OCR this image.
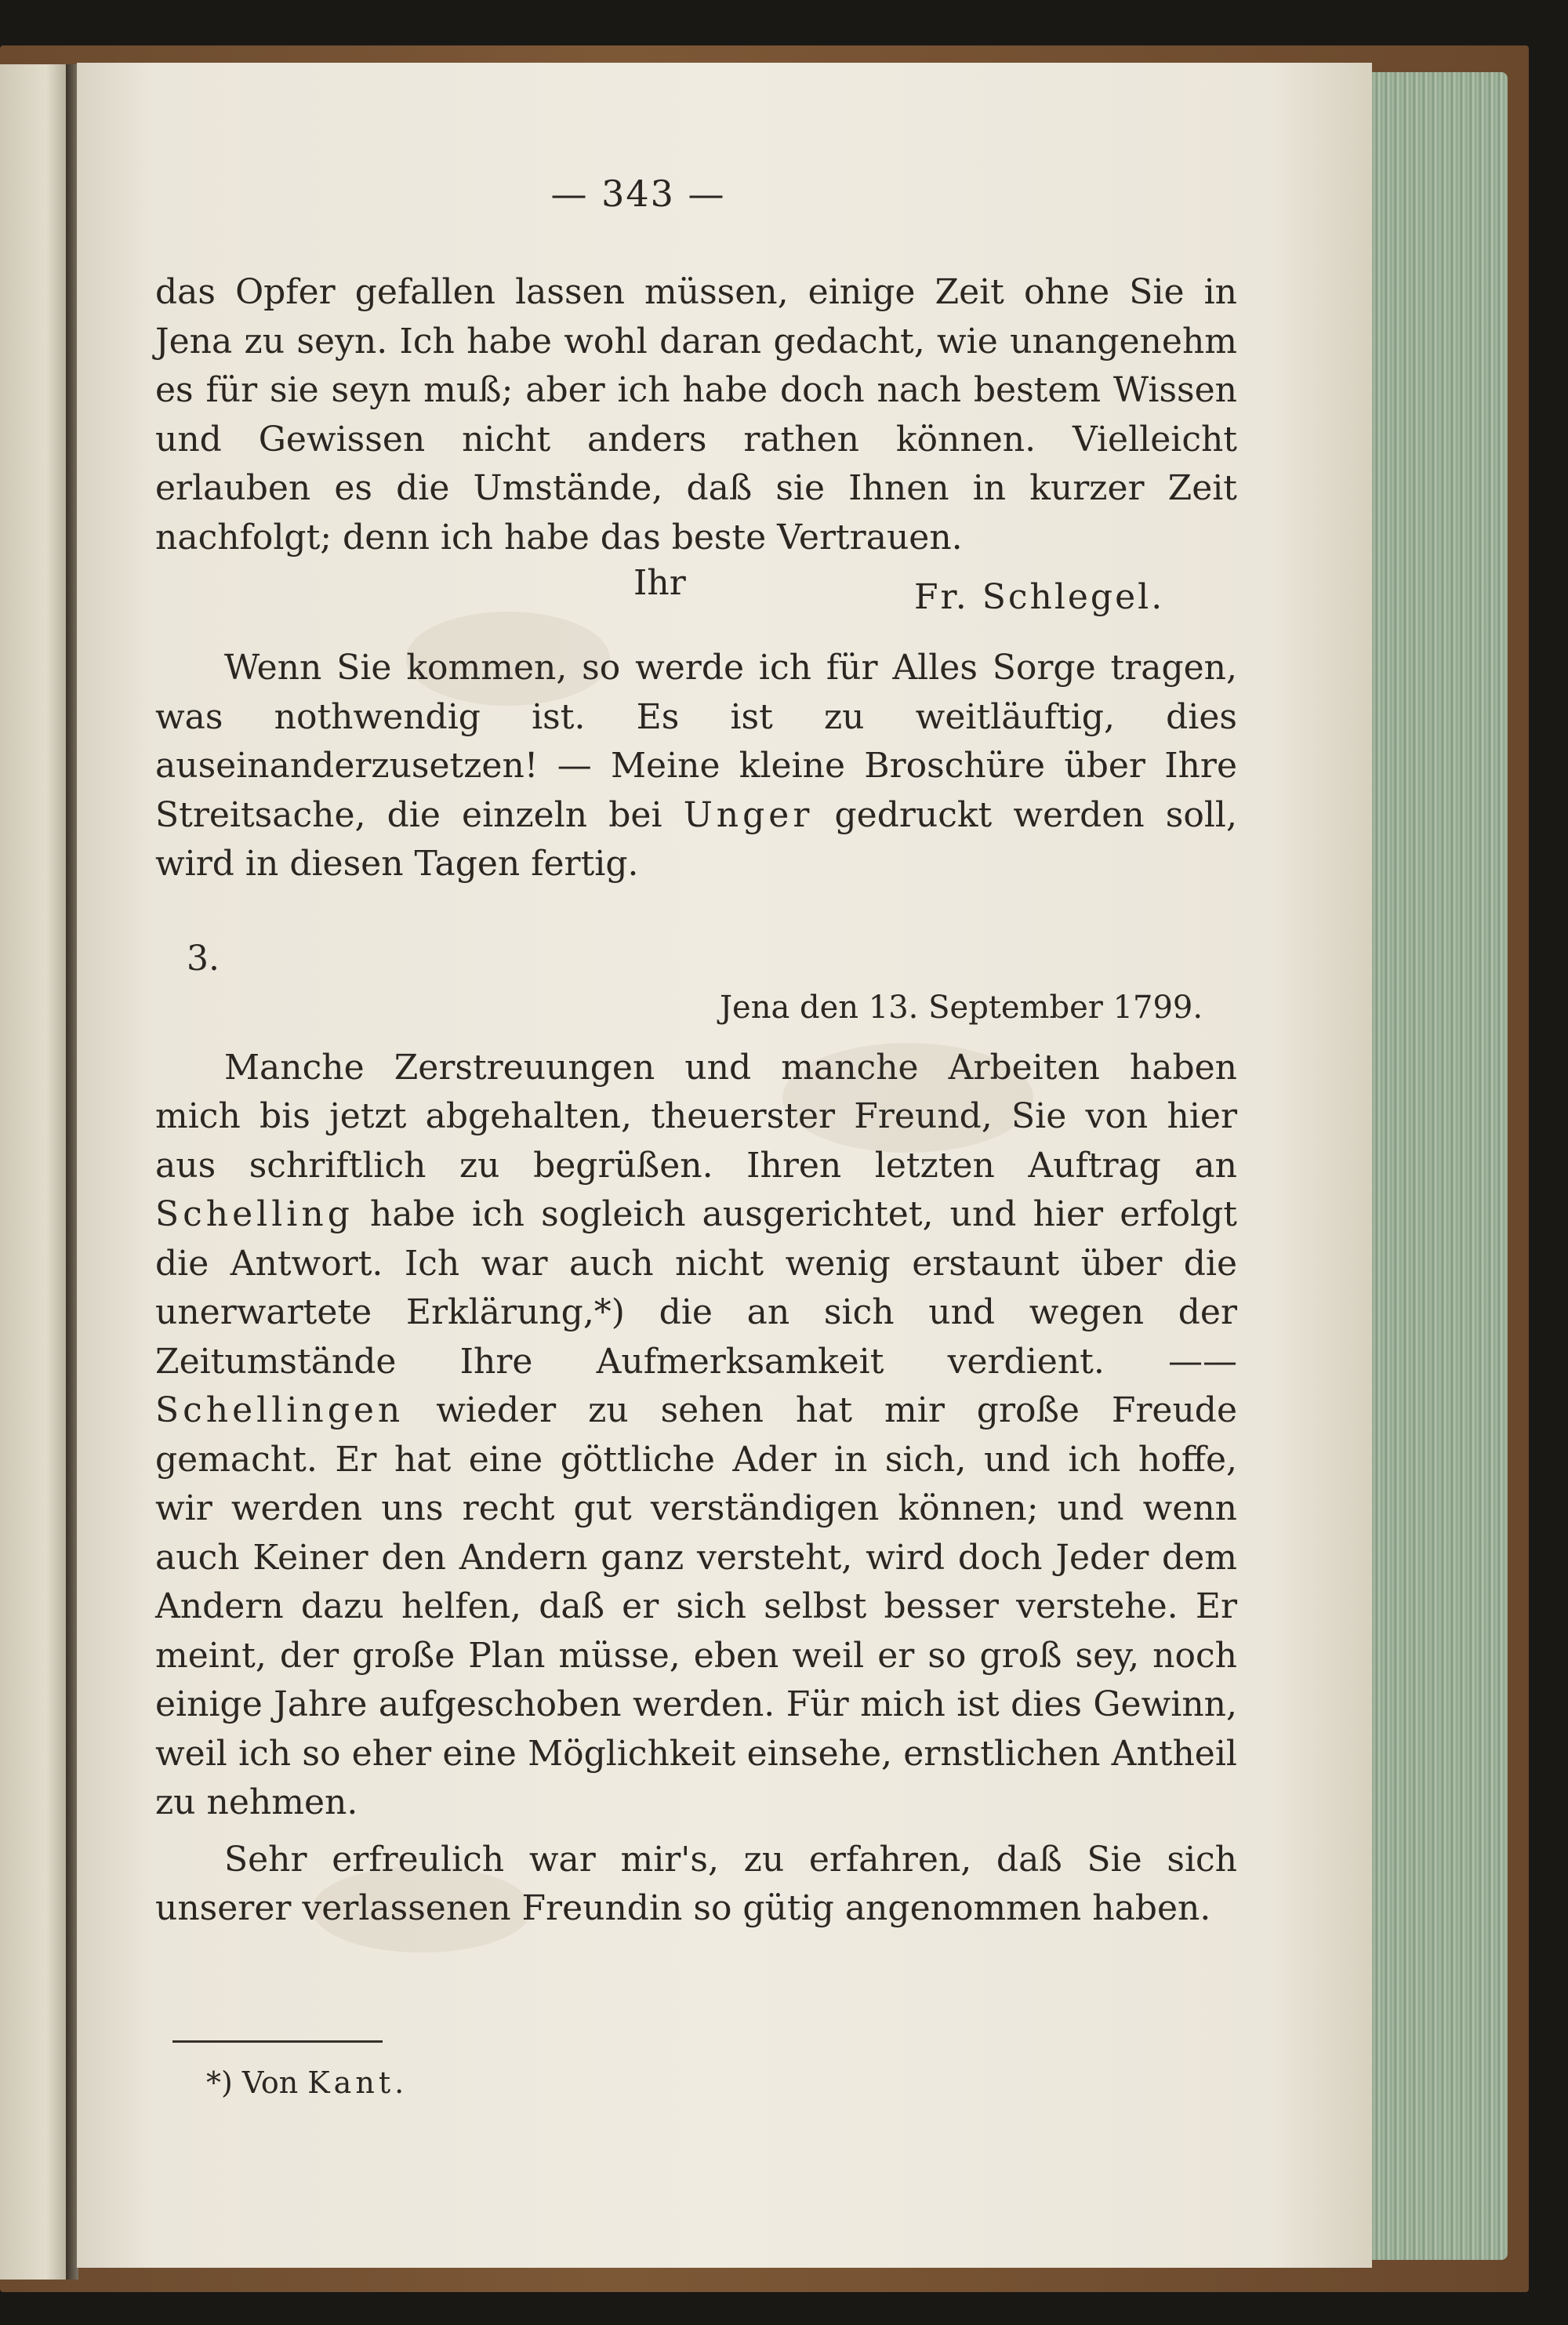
— 343 —

das Opfer gefallen lassen müssen, einige Zeit ohne Sie in Jena zu seyn. Ich habe wohl daran gedacht, wie unangenehm es für sie seyn muß; aber ich habe doch nach bestem Wissen und Gewissen nicht anders rathen können. Vielleicht erlauben es die Umstände, daß sie Ihnen in kurzer Zeit nachfolgt; denn ich habe das beste Vertrauen.

Ihr	Fr. Schlegel.

Wenn Sie kommen, so werde ich für Alles Sorge tragen, was nothwendig ist. Es ist zu weitläuftig, dies auseinanderzusetzen! — Meine kleine Broschüre über Ihre Streitsache, die einzeln bei Unger gedruckt werden soll, wird in diesen Tagen fertig.

3.

Jena den 13. September 1799.

Manche Zerstreuungen und manche Arbeiten haben mich bis jetzt abgehalten, theuerster Freund, Sie von hier aus schriftlich zu begrüßen. Ihren letzten Auftrag an Schelling habe ich sogleich ausgerichtet, und hier erfolgt die Antwort. Ich war auch nicht wenig erstaunt über die unerwartete Erklärung,*) die an sich und wegen der Zeitumstände Ihre Aufmerksamkeit verdient. —— Schellingen wieder zu sehen hat mir große Freude gemacht. Er hat eine göttliche Ader in sich, und ich hoffe, wir werden uns recht gut verständigen können; und wenn auch Keiner den Andern ganz versteht, wird doch Jeder dem Andern dazu helfen, daß er sich selbst besser verstehe. Er meint, der große Plan müsse, eben weil er so groß sey, noch einige Jahre aufgeschoben werden. Für mich ist dies Gewinn, weil ich so eher eine Möglichkeit einsehe, ernstlichen Antheil zu nehmen.

Sehr erfreulich war mir's, zu erfahren, daß Sie sich unserer verlassenen Freundin so gütig angenommen haben.

*) Von Kant.
